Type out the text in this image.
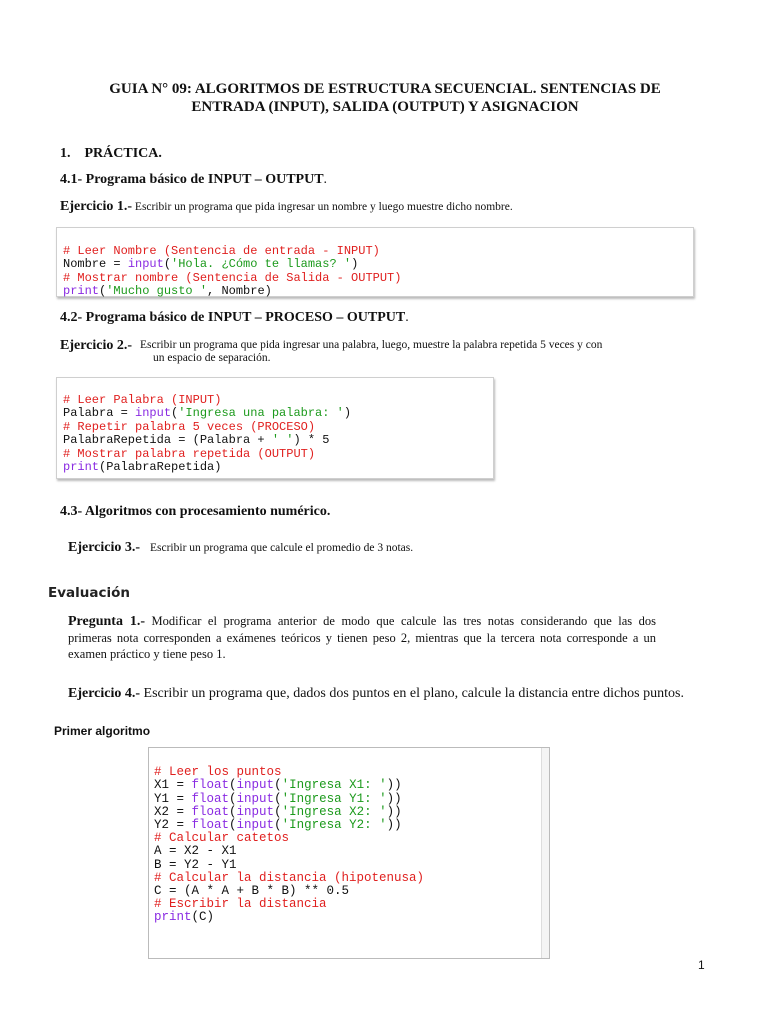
GUIA N° 09: ALGORITMOS DE ESTRUCTURA SECUENCIAL. SENTENCIAS DE
ENTRADA (INPUT), SALIDA (OUTPUT) Y ASIGNACION
1.    PRÁCTICA.
4.1- Programa básico de INPUT – OUTPUT.
Ejercicio 1.- Escribir un programa que pida ingresar un nombre y luego muestre dicho nombre.

# Leer Nombre (Sentencia de entrada - INPUT)
Nombre = input('Hola. ¿Cómo te llamas? ')
# Mostrar nombre (Sentencia de Salida - OUTPUT)
print('Mucho gusto ', Nombre)
4.2- Programa básico de INPUT – PROCESO – OUTPUT.
Ejercicio 2.- Escribir un programa que pida ingresar una palabra, luego, muestre la palabra repetida 5 veces y con
un espacio de separación.

# Leer Palabra (INPUT)
Palabra = input('Ingresa una palabra: ')
# Repetir palabra 5 veces (PROCESO)
PalabraRepetida = (Palabra + ' ') * 5
# Mostrar palabra repetida (OUTPUT)
print(PalabraRepetida)
4.3- Algoritmos con procesamiento numérico.
Ejercicio 3.- Escribir un programa que calcule el promedio de 3 notas.
Evaluación
Pregunta 1.- Modificar el programa anterior de modo que calcule las tres notas considerando que las dos
primeras nota corresponden a exámenes teóricos y tienen peso 2, mientras que la tercera nota corresponde a un
examen práctico y tiene peso 1.
Ejercicio 4.- Escribir un programa que, dados dos puntos en el plano, calcule la distancia entre dichos puntos.
Primer algoritmo

# Leer los puntos
X1 = float(input('Ingresa X1: '))
Y1 = float(input('Ingresa Y1: '))
X2 = float(input('Ingresa X2: '))
Y2 = float(input('Ingresa Y2: '))
# Calcular catetos
A = X2 - X1
B = Y2 - Y1
# Calcular la distancia (hipotenusa)
C = (A * A + B * B) ** 0.5
# Escribir la distancia
print(C)
1
